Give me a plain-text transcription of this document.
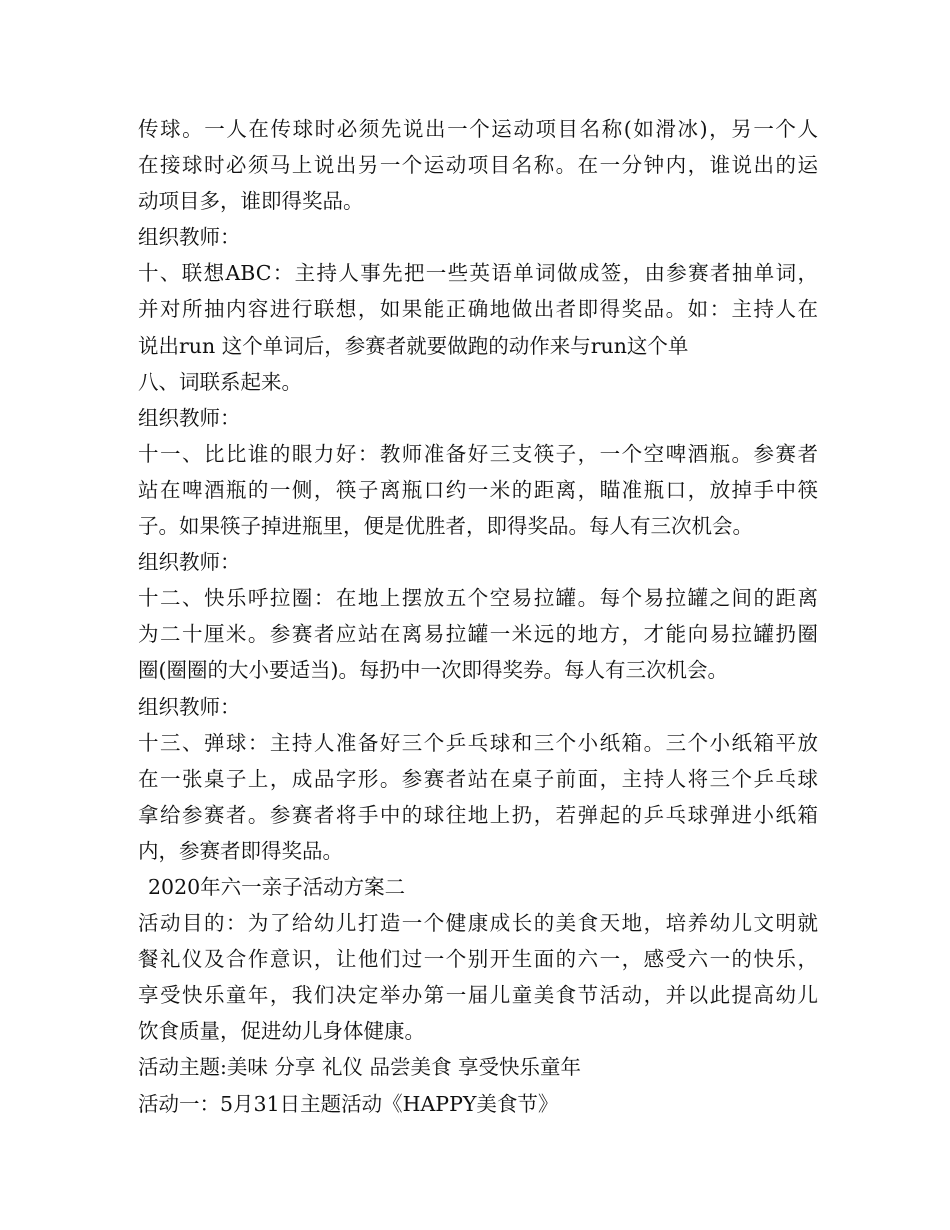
传球。一人在传球时必须先说出一个运动项目名称(如滑冰)，另一个人
在接球时必须马上说出另一个运动项目名称。在一分钟内，谁说出的运
动项目多，谁即得奖品。
组织教师：
十、联想ABC：主持人事先把一些英语单词做成签，由参赛者抽单词，
并对所抽内容进行联想，如果能正确地做出者即得奖品。如：主持人在
说出run 这个单词后，参赛者就要做跑的动作来与run这个单
八、词联系起来。
组织教师：
十一、比比谁的眼力好：教师准备好三支筷子，一个空啤酒瓶。参赛者
站在啤酒瓶的一侧，筷子离瓶口约一米的距离，瞄准瓶口，放掉手中筷
子。如果筷子掉进瓶里，便是优胜者，即得奖品。每人有三次机会。
组织教师：
十二、快乐呼拉圈：在地上摆放五个空易拉罐。每个易拉罐之间的距离
为二十厘米。参赛者应站在离易拉罐一米远的地方，才能向易拉罐扔圈
圈(圈圈的大小要适当)。每扔中一次即得奖券。每人有三次机会。
组织教师：
十三、弹球：主持人准备好三个乒乓球和三个小纸箱。三个小纸箱平放
在一张桌子上，成品字形。参赛者站在桌子前面，主持人将三个乒乓球
拿给参赛者。参赛者将手中的球往地上扔，若弹起的乒乓球弹进小纸箱
内，参赛者即得奖品。
2020年六一亲子活动方案二
活动目的：为了给幼儿打造一个健康成长的美食天地，培养幼儿文明就
餐礼仪及合作意识，让他们过一个别开生面的六一，感受六一的快乐，
享受快乐童年，我们决定举办第一届儿童美食节活动，并以此提高幼儿
饮食质量，促进幼儿身体健康。
活动主题:美味 分享 礼仪 品尝美食 享受快乐童年
活动一：5月31日主题活动《HAPPY美食节》
